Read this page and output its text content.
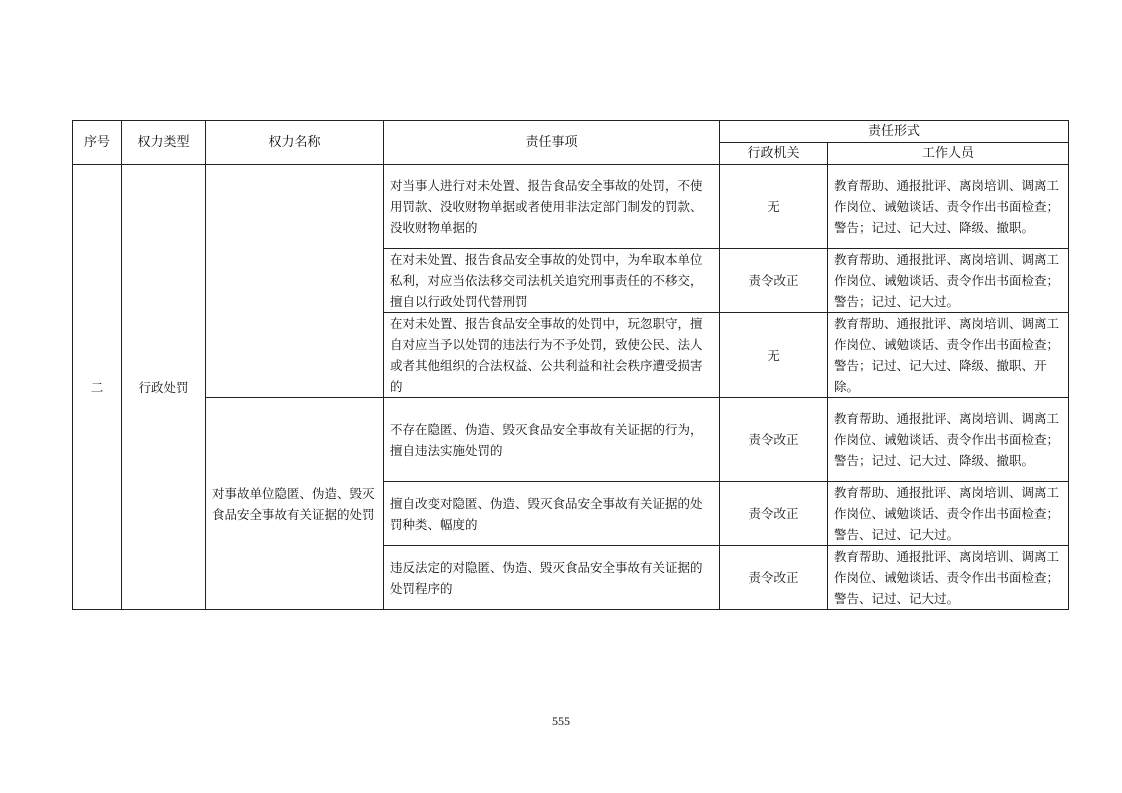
序号	权力类型	权力名称	责任事项	责任形式	
				行政机关	工作人员
二	行政处罚		对当事人进行对未处置、报告食品安全事故的处罚，不使用罚款、没收财物单据或者使用非法定部门制发的罚款、没收财物单据的	无	教育帮助、通报批评、离岗培训、调离工作岗位、诫勉谈话、责令作出书面检查；警告；记过、记大过、降级、撤职。
			在对未处置、报告食品安全事故的处罚中，为牟取本单位私利，对应当依法移交司法机关追究刑事责任的不移交，擅自以行政处罚代替刑罚	责令改正	教育帮助、通报批评、离岗培训、调离工作岗位、诫勉谈话、责令作出书面检查；警告；记过、记大过。
			在对未处置、报告食品安全事故的处罚中，玩忽职守，擅自对应当予以处罚的违法行为不予处罚，致使公民、法人或者其他组织的合法权益、公共利益和社会秩序遭受损害的	无	教育帮助、通报批评、离岗培训、调离工作岗位、诫勉谈话、责令作出书面检查；警告；记过、记大过、降级、撤职、开除。
		对事故单位隐匿、伪造、毁灭食品安全事故有关证据的处罚	不存在隐匿、伪造、毁灭食品安全事故有关证据的行为，擅自违法实施处罚的	责令改正	教育帮助、通报批评、离岗培训、调离工作岗位、诫勉谈话、责令作出书面检查；警告；记过、记大过、降级、撤职。
			擅自改变对隐匿、伪造、毁灭食品安全事故有关证据的处罚种类、幅度的	责令改正	教育帮助、通报批评、离岗培训、调离工作岗位、诫勉谈话、责令作出书面检查；警告、记过、记大过。
			违反法定的对隐匿、伪造、毁灭食品安全事故有关证据的处罚程序的	责令改正	教育帮助、通报批评、离岗培训、调离工作岗位、诫勉谈话、责令作出书面检查；警告、记过、记大过。
555
